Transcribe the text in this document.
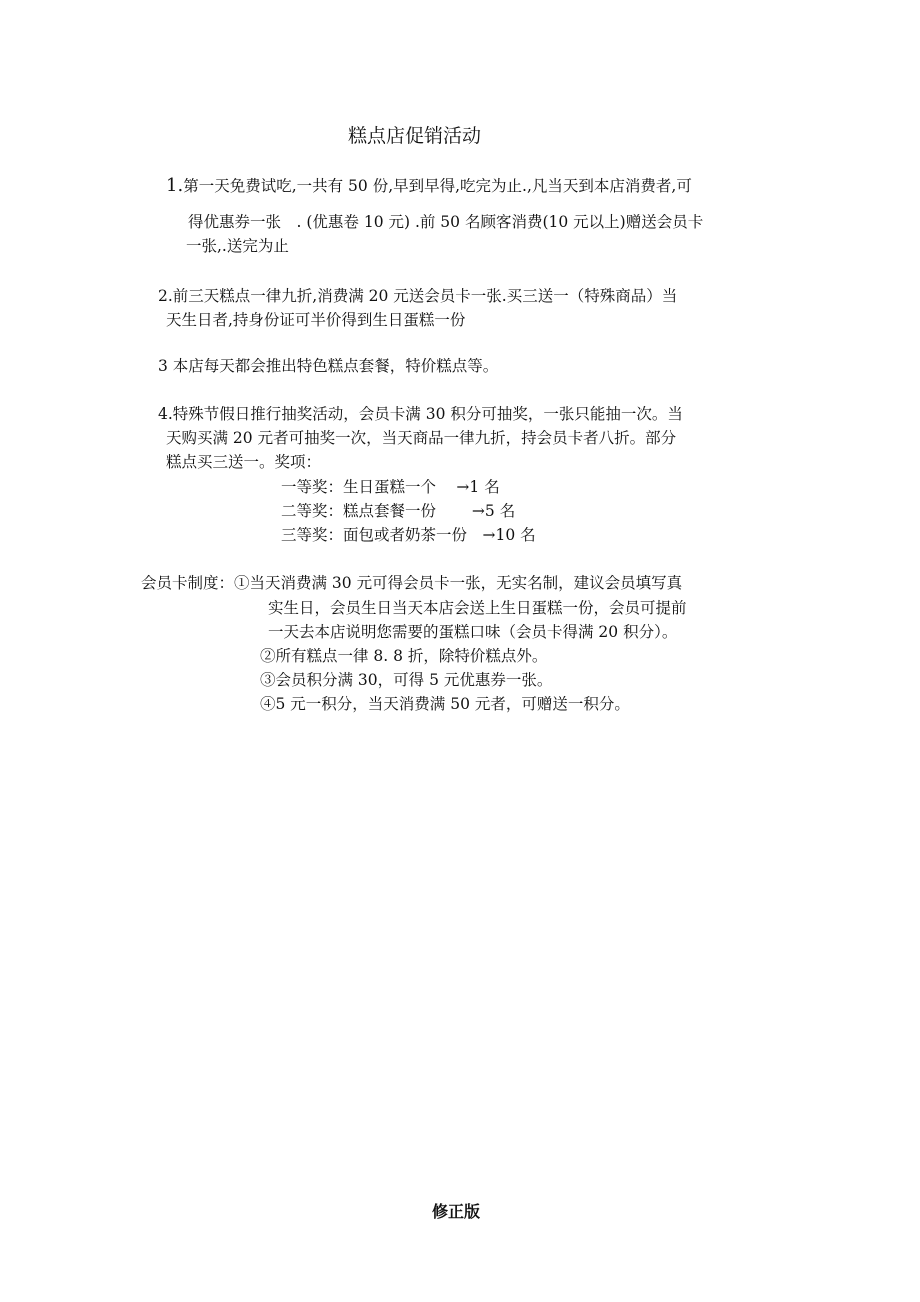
糕点店促销活动
1.第一天免费试吃,一共有 50 份,早到早得,吃完为止.,凡当天到本店消费者,可
得优惠券一张　. (优惠卷 10 元) .前 50 名顾客消费(10 元以上)赠送会员卡
一张,.送完为止
2.前三天糕点一律九折,消费满 20 元送会员卡一张.买三送一（特殊商品）当
天生日者,持身份证可半价得到生日蛋糕一份
3 本店每天都会推出特色糕点套餐，特价糕点等。
4.特殊节假日推行抽奖活动，会员卡满 30 积分可抽奖，一张只能抽一次。当
天购买满 20 元者可抽奖一次，当天商品一律九折，持会员卡者八折。部分
糕点买三送一。奖项：
一等奖：生日蛋糕一个　 →1 名
二等奖：糕点套餐一份　 　→5 名
三等奖：面包或者奶茶一份　→10 名
会员卡制度：①当天消费满 30 元可得会员卡一张，无实名制，建议会员填写真
实生日，会员生日当天本店会送上生日蛋糕一份，会员可提前
一天去本店说明您需要的蛋糕口味（会员卡得满 20 积分）。
②所有糕点一律 8. 8 折，除特价糕点外。
③会员积分满 30，可得 5 元优惠券一张。
④5 元一积分，当天消费满 50 元者，可赠送一积分。
修正版
